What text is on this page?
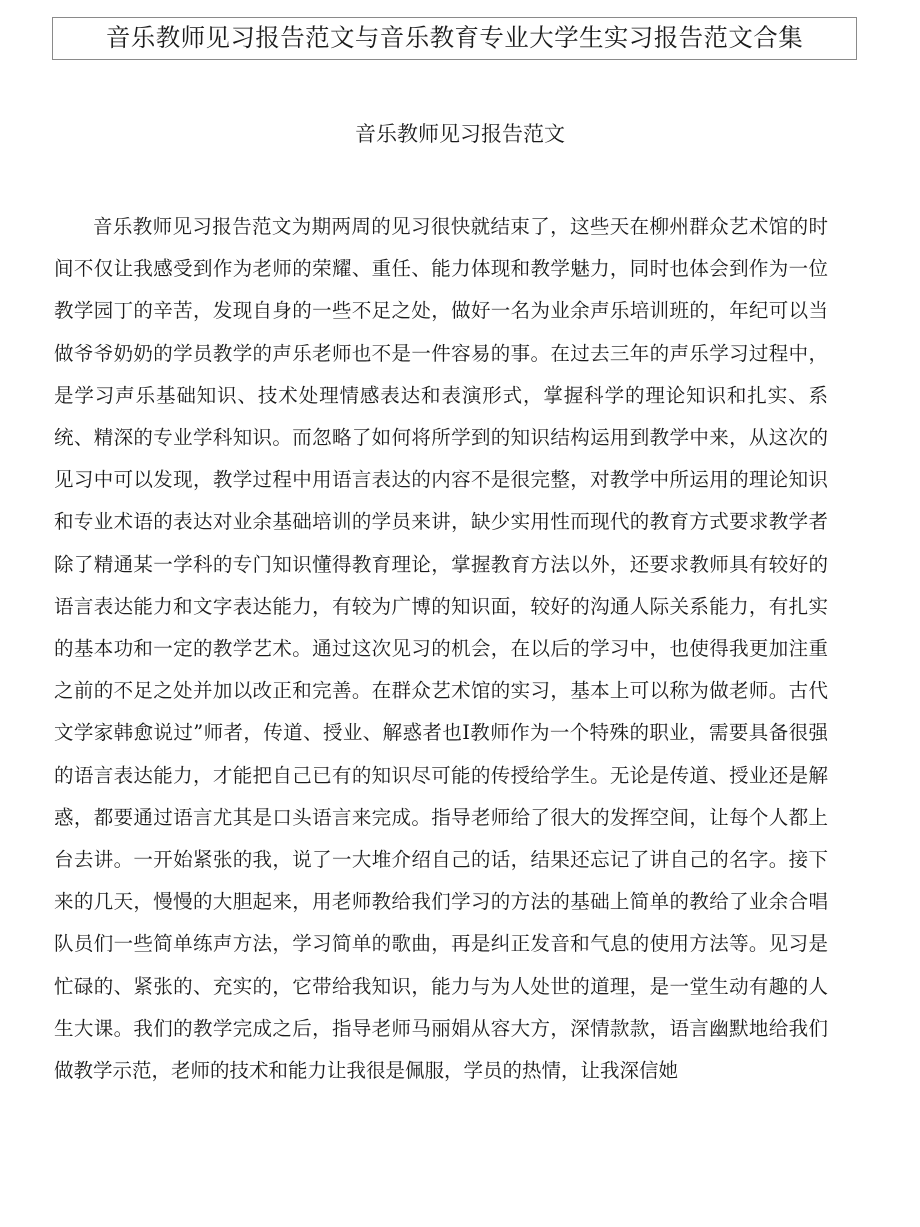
音乐教师见习报告范文与音乐教育专业大学生实习报告范文合集
音乐教师见习报告范文

音乐教师见习报告范文为期两周的见习很快就结束了，这些天在柳州群众艺术馆的时间不仅让我感受到作为老师的荣耀、重任、能力体现和教学魅力，同时也体会到作为一位教学园丁的辛苦，发现自身的一些不足之处，做好一名为业余声乐培训班的，年纪可以当做爷爷奶奶的学员教学的声乐老师也不是一件容易的事。在过去三年的声乐学习过程中，是学习声乐基础知识、技术处理情感表达和表演形式，掌握科学的理论知识和扎实、系统、精深的专业学科知识。而忽略了如何将所学到的知识结构运用到教学中来，从这次的见习中可以发现，教学过程中用语言表达的内容不是很完整，对教学中所运用的理论知识和专业术语的表达对业余基础培训的学员来讲，缺少实用性而现代的教育方式要求教学者除了精通某一学科的专门知识懂得教育理论，掌握教育方法以外，还要求教师具有较好的语言表达能力和文字表达能力，有较为广博的知识面，较好的沟通人际关系能力，有扎实的基本功和一定的教学艺术。通过这次见习的机会，在以后的学习中，也使得我更加注重之前的不足之处并加以改正和完善。在群众艺术馆的实习，基本上可以称为做老师。古代文学家韩愈说过”师者，传道、授业、解惑者也I教师作为一个特殊的职业，需要具备很强的语言表达能力，才能把自己已有的知识尽可能的传授给学生。无论是传道、授业还是解惑，都要通过语言尤其是口头语言来完成。指导老师给了很大的发挥空间，让每个人都上台去讲。一开始紧张的我，说了一大堆介绍自己的话，结果还忘记了讲自己的名字。接下来的几天，慢慢的大胆起来，用老师教给我们学习的方法的基础上简单的教给了业余合唱队员们一些简单练声方法，学习简单的歌曲，再是纠正发音和气息的使用方法等。见习是忙碌的、紧张的、充实的，它带给我知识，能力与为人处世的道理，是一堂生动有趣的人生大课。我们的教学完成之后，指导老师马丽娟从容大方，深情款款，语言幽默地给我们做教学示范，老师的技术和能力让我很是佩服，学员的热情，让我深信她
